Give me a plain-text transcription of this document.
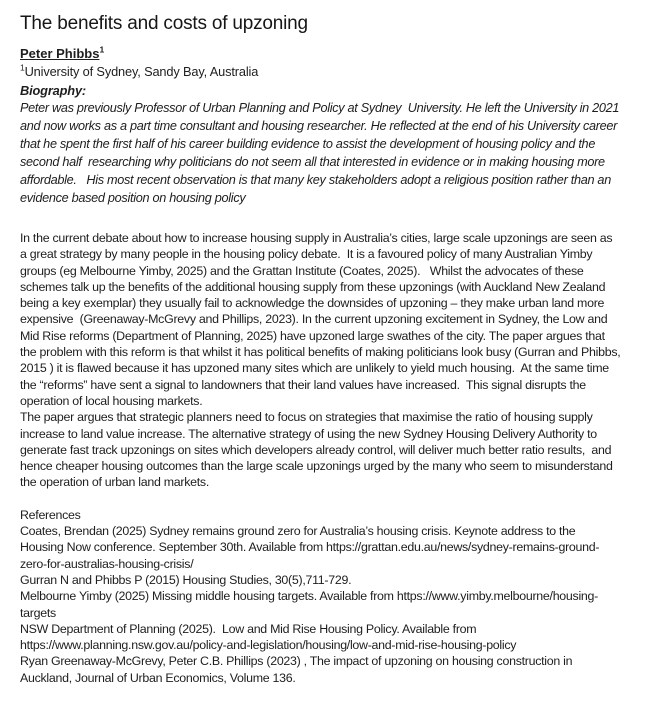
The benefits and costs of upzoning

Peter Phibbs$^1$

$^1$University of Sydney, Sandy Bay, Australia

Biography:

Peter was previously Professor of Urban Planning and Policy at Sydney  University. He left the University in 2021 and now works as a part time consultant and housing researcher. He reflected at the end of his University career that he spent the first half of his career building evidence to assist the development of housing policy and the second half  researching why politicians do not seem all that interested in evidence or in making housing more affordable.   His most recent observation is that many key stakeholders adopt a religious position rather than an evidence based position on housing policy

In the current debate about how to increase housing supply in Australia’s cities, large scale upzonings are seen as a great strategy by many people in the housing policy debate.  It is a favoured policy of many Australian Yimby groups (eg Melbourne Yimby, 2025) and the Grattan Institute (Coates, 2025).   Whilst the advocates of these schemes talk up the benefits of the additional housing supply from these upzonings (with Auckland New Zealand being a key exemplar) they usually fail to acknowledge the downsides of upzoning – they make urban land more expensive  (Greenaway-McGrevy and Phillips, 2023). In the current upzoning excitement in Sydney, the Low and Mid Rise reforms (Department of Planning, 2025) have upzoned large swathes of the city. The paper argues that the problem with this reform is that whilst it has political benefits of making politicians look busy (Gurran and Phibbs, 2015 ) it is flawed because it has upzoned many sites which are unlikely to yield much housing.  At the same time the “reforms” have sent a signal to landowners that their land values have increased.  This signal disrupts the operation of local housing markets.

The paper argues that strategic planners need to focus on strategies that maximise the ratio of housing supply increase to land value increase. The alternative strategy of using the new Sydney Housing Delivery Authority to generate fast track upzonings on sites which developers already control, will deliver much better ratio results,  and hence cheaper housing outcomes than the large scale upzonings urged by the many who seem to misunderstand the operation of urban land markets.

References

Coates, Brendan (2025) Sydney remains ground zero for Australia’s housing crisis. Keynote address to the Housing Now conference. September 30th. Available from https://grattan.edu.au/news/sydney-remains-ground-zero-for-australias-housing-crisis/
Gurran N and Phibbs P (2015) Housing Studies, 30(5),711-729.
Melbourne Yimby (2025) Missing middle housing targets. Available from https://www.yimby.melbourne/housing-targets
NSW Department of Planning (2025).  Low and Mid Rise Housing Policy. Available from https://www.planning.nsw.gov.au/policy-and-legislation/housing/low-and-mid-rise-housing-policy
Ryan Greenaway-McGrevy, Peter C.B. Phillips (2023) , The impact of upzoning on housing construction in Auckland, Journal of Urban Economics, Volume 136.
